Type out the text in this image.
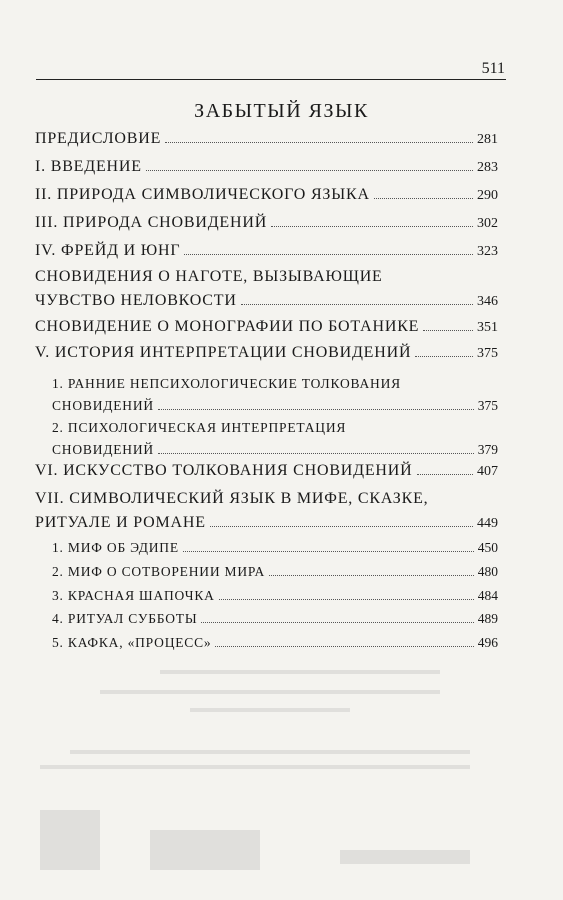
511
ЗАБЫТЫЙ ЯЗЫК
ПРЕДИСЛОВИЕ	281
I. ВВЕДЕНИЕ	283
II. ПРИРОДА СИМВОЛИЧЕСКОГО ЯЗЫКА	290
III. ПРИРОДА СНОВИДЕНИЙ	302
IV. ФРЕЙД И ЮНГ	323
СНОВИДЕНИЯ О НАГОТЕ, ВЫЗЫВАЮЩИЕ
ЧУВСТВО НЕЛОВКОСТИ	346
СНОВИДЕНИЕ О МОНОГРАФИИ ПО БОТАНИКЕ	351
V. ИСТОРИЯ ИНТЕРПРЕТАЦИИ СНОВИДЕНИЙ	375
1. РАННИЕ НЕПСИХОЛОГИЧЕСКИЕ ТОЛКОВАНИЯ
СНОВИДЕНИЙ	375
2. ПСИХОЛОГИЧЕСКАЯ ИНТЕРПРЕТАЦИЯ
СНОВИДЕНИЙ	379
VI. ИСКУССТВО ТОЛКОВАНИЯ СНОВИДЕНИЙ	407
VII. СИМВОЛИЧЕСКИЙ ЯЗЫК В МИФЕ, СКАЗКЕ,
РИТУАЛЕ И РОМАНЕ	449
1. МИФ ОБ ЭДИПЕ	450
2. МИФ О СОТВОРЕНИИ МИРА	480
3. КРАСНАЯ ШАПОЧКА	484
4. РИТУАЛ СУББОТЫ	489
5. КАФКА, «ПРОЦЕСС»	496
